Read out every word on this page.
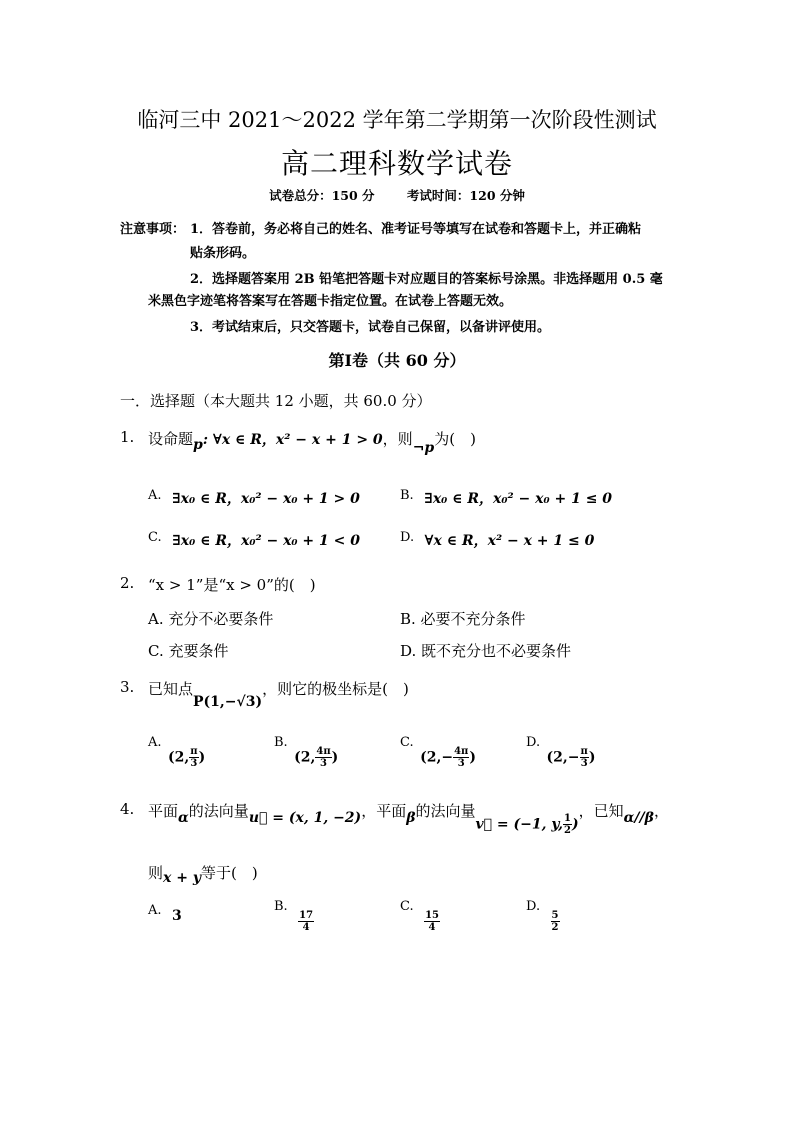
临河三中 2021～2022 学年第二学期第一次阶段性测试
高二理科数学试卷
试卷总分：150 分	考试时间：120 分钟
注意事项： 1．答卷前，务必将自己的姓名、准考证号等填写在试卷和答题卡上，并正确粘
贴条形码。
2．选择题答案用 2B 铅笔把答题卡对应题目的答案标号涂黑。非选择题用 0.5 毫
米黑色字迹笔将答案写在答题卡指定位置。在试卷上答题无效。
3．考试结束后，只交答题卡，试卷自己保留，以备讲评使用。
第Ⅰ卷（共 60 分）
一．选择题（本大题共 12 小题，共 60.0 分）
1. 设命题p: ∀x ∈ R，x² − x + 1 > 0，则¬p为(　)
A. ∃x₀ ∈ R，x₀² − x₀ + 1 > 0	B. ∃x₀ ∈ R，x₀² − x₀ + 1 ≤ 0
C. ∃x₀ ∈ R，x₀² − x₀ + 1 < 0	D. ∀x ∈ R，x² − x + 1 ≤ 0
2. “x > 1”是“x > 0”的(　)
A. 充分不必要条件	B. 必要不充分条件
C. 充要条件	D. 既不充分也不必要条件
3. 已知点P(1,−√3)，则它的极坐标是(　)
A. (2, $\frac{\pi}{3}$ )
B. (2, $\frac{4\pi}{3}$ )
C. ($2,- \frac{4\pi}{3}$ )
D. ($2,- \frac{\pi}{3}$ )
4. 平面α的法向量u⃗ = (x, 1, −2)，平面β的法向量v⃗ = (−1, y, $\frac{1}{2}$ )，已知α//β，
则x + y等于(　)
A. 3
B.
$\frac{17}{4}$
C.
$\frac{15}{4}$
D.
$\frac{5}{2}$
